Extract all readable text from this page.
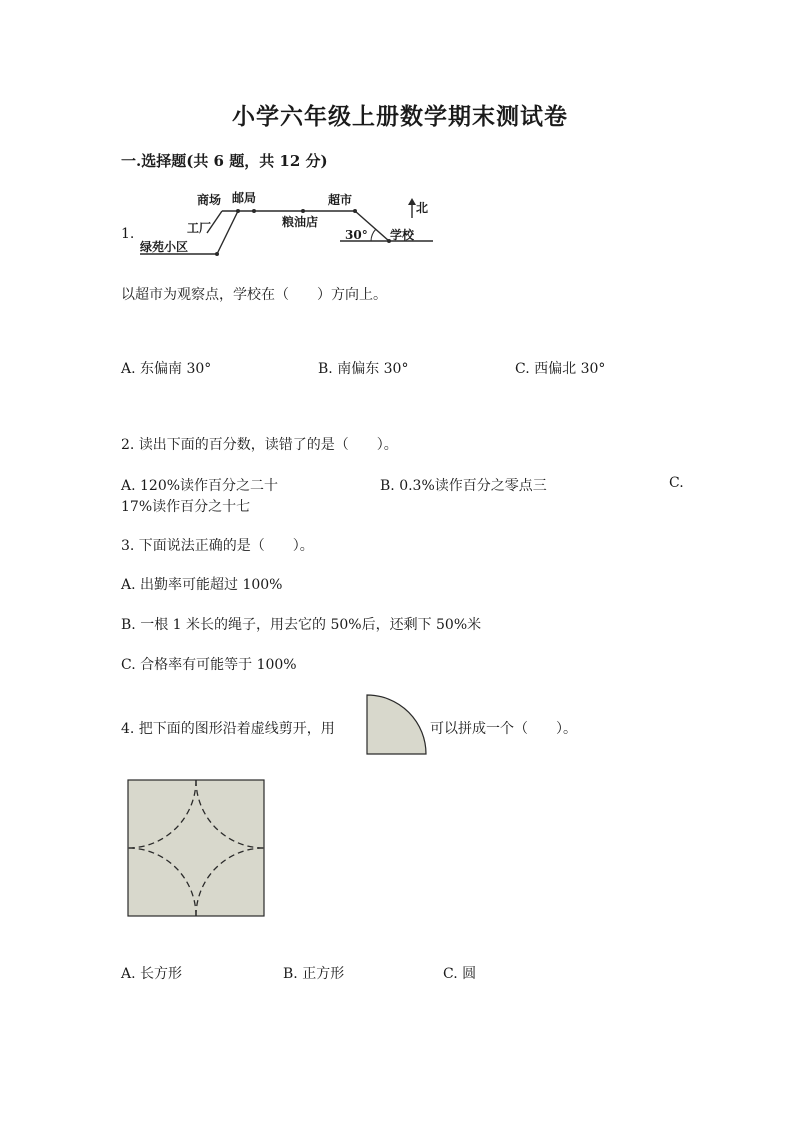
小学六年级上册数学期末测试卷
一.选择题(共 6 题，共 12 分)
1.
商场 邮局	超市
北
工厂	粮油店
30° 学校
绿苑小区
以超市为观察点，学校在（　　）方向上。
A. 东偏南 30°	B. 南偏东 30°	C. 西偏北 30°
2. 读出下面的百分数，读错了的是（　　）。
A. 120%读作百分之二十	B. 0.3%读作百分之零点三	C.
17%读作百分之十七
3. 下面说法正确的是（　　）。
A. 出勤率可能超过 100%
B. 一根 1 米长的绳子，用去它的 50%后，还剩下 50%米
C. 合格率有可能等于 100%
4. 把下面的图形沿着虚线剪开，用	可以拼成一个（　　）。
A. 长方形	B. 正方形	C. 圆
